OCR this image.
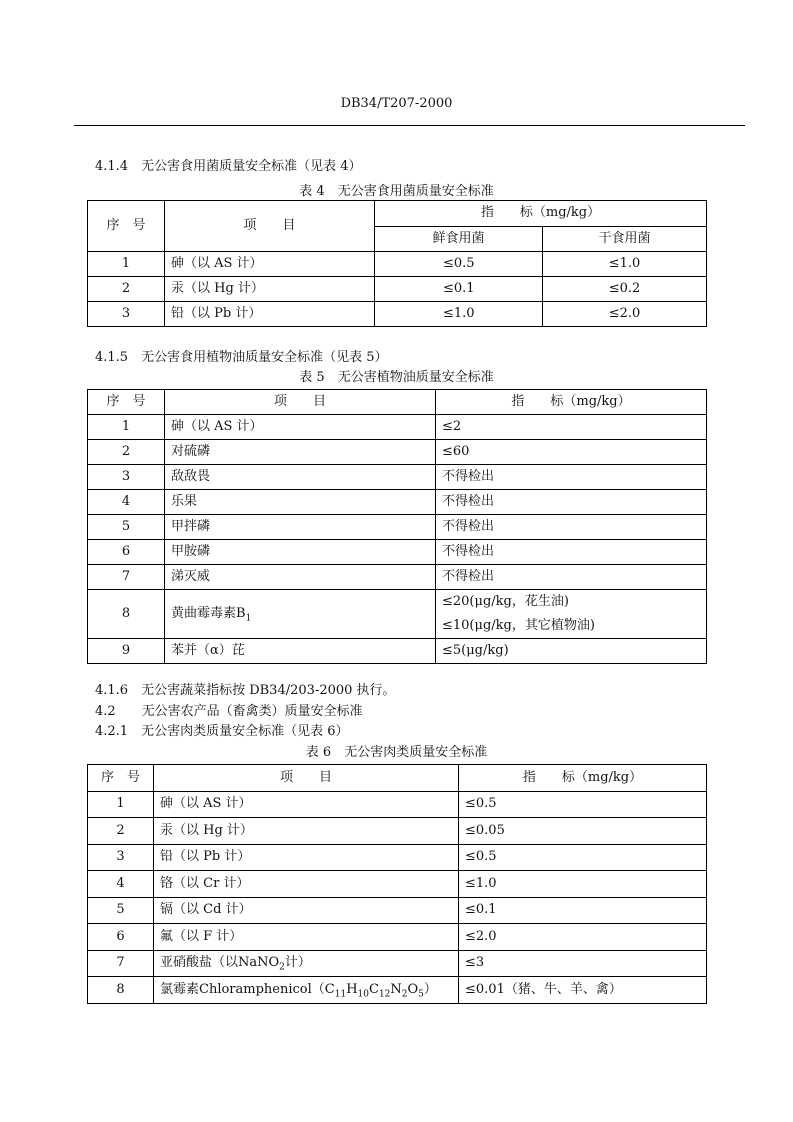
DB34/T207-2000
4.1.4　无公害食用菌质量安全标准（见表 4）
表 4　无公害食用菌质量安全标准
序　号	项　　目	指　　标（mg/kg）	
		鲜食用菌	干食用菌
1	砷（以 AS 计）	≤0.5	≤1.0
2	汞（以 Hg 计）	≤0.1	≤0.2
3	铅（以 Pb 计）	≤1.0	≤2.0
4.1.5　无公害食用植物油质量安全标准（见表 5）
表 5　无公害植物油质量安全标准
序　号	项　　目	指　　标（mg/kg）
1	砷（以 AS 计）	≤2
2	对硫磷	≤60
3	敌敌畏	不得检出
4	乐果	不得检出
5	甲拌磷	不得检出
6	甲胺磷	不得检出
7	涕灭威	不得检出
8	黄曲霉毒素$B_1$	≤20(μg/kg，花生油)
≤10(μg/kg，其它植物油)

9	苯并（α）芘	≤5(μg/kg)
4.1.6　无公害蔬菜指标按 DB34/203-2000 执行。
4.2　　无公害农产品（畜禽类）质量安全标准
4.2.1　无公害肉类质量安全标准（见表 6）
表 6　无公害肉类质量安全标准
序　号	项　　目	指　　标（mg/kg）
1	砷（以 AS 计）	≤0.5
2	汞（以 Hg 计）	≤0.05
3	铅（以 Pb 计）	≤0.5
4	铬（以 Cr 计）	≤1.0
5	镉（以 Cd 计）	≤0.1
6	氟（以 F 计）	≤2.0
7	亚硝酸盐（以NaNO$_2$计）	≤3
8	氯霉素$Chloramphenicol(C_{11}H_{10}C_{12}N_2O_5)$	≤0.01（猪、牛、羊、禽）
